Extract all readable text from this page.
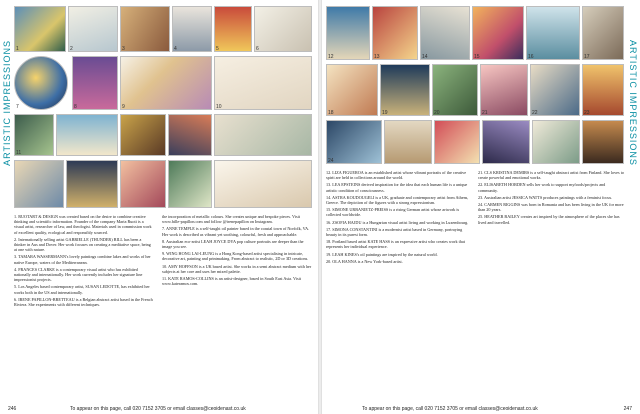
ARTISTIC IMPRESSIONS 1	2	3	4	5	6
7	8	9	10
11

1. RUOTART & DESIGN was created based on the desire to combine creative thinking and scientific information. Founder of the company Maria Ruoti is a visual artist, researcher of law, and theologist. Materials used in commission work of excellent quality, ecological and responsibly sourced.

2. Internationally selling artist GABRIELLE (THUNDER) BILL has been a thinker in Aus and Dover. Her work focuses on creating a meditative space, being at one with nature.

3. TAMARA WASSERMANN's lovely paintings combine lakes and works of her native Europe, waters of the Mediterranean.

4. FRANCES CLARKE is a contemporary visual artist who has exhibited nationally and internationally. Her work currently includes her signature line impressionist projects.

5. Los Angeles based contemporary artist, SUSAN LEDOTTE, has exhibited her works both in the US and internationally.

6. IRENE PAPILLON-BRETTEAU is a Belgian abstract artist based in the French Riviera. She experiments with different techniques.

the incorporation of metallic colours. She creates unique and bespoke pieces. Visit www.bille-papillon.com and follow @irenepapillon on Instagram.

7. ANNE TEMPLE is a self-taught oil painter based in the coastal town of Norfolk, VA. Her work is described as vibrant yet soothing, colourful, fresh and approachable.

8. Australian eco-artist LEAH JOYCE DYA pop culture portraits are deeper than the image you see.

9. WING HONG LAI-LEUNG is a Hong Kong-based artist specialising in intricate, decorative art, painting and printmaking. From abstract to realistic, 2D or 3D creations.

10. AMY HOFFSON is a UK based artist. She works in a semi abstract medium with her subjects at her core and uses her mixed palette.

11. KATE RAMOS-COLLINS is an artist-designer, based in South East Asia. Visit www.kateramos.com.

246	To appear on this page, call 020 7152 3705 or email classes@ceoidenast.co.uk
ARTISTIC IMPRESSIONS
12	13	14	15	16	17
18	19	20	21	22	23
24

12. LIZA FIGUEROA is an established artist whose vibrant portraits of the creative spirit are held in collections around the world.

13. LEA EPSTEINS derived inspiration for the idea that each human life is a unique artistic condition of consciousness.

14. ASTRA KOUDOUGELI is a UK, graduate and contemporary artist from Athens, Greece. The depiction of the figures with a strong expressionism.

15. SIMONE URBANIETZ-PREISS is a rising German artist whose artwork is collected worldwide.

16. ZSOFIA HAJDU is a Hungarian visual artist living and working in Luxembourg.

17. SIMONA CONSTANTINI is a modernist artist based in Germany, portraying beauty in its purest form.

18. Portland based artist KATE HASS is an expressive artist who creates work that represents her individual experience.

19. LEAH KINES's oil paintings are inspired by the natural world.

20. OLA HANNA is a New York-based artist.

21. CLS KRISTINA DEMIRS is a self-taught abstract artist from Finland. She loves to create powerful and emotional works.

22. ELISABETH HORDEN sells her work to support myfoods/projects and community.

23. Australian artist JESSICA WATTS produces paintings with a feminist focus.

24. CARMEN RIGGINS was born in Romania and has been living in the UK for more than 20 years.

25. HEATHER BAILEY creates art inspired by the atmosphere of the places she has lived and travelled.

To appear on this page, call 020 7152 3705 or email classes@ceoidenast.co.uk	247
